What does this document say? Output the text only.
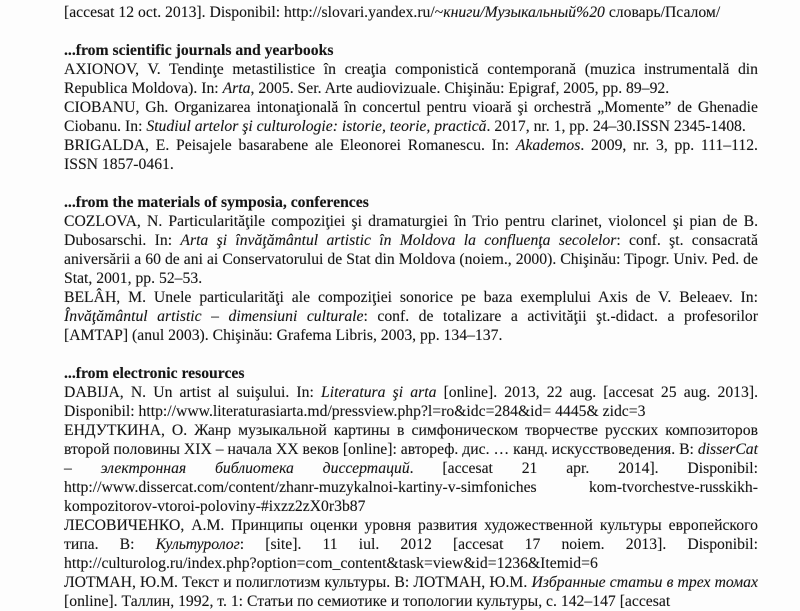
[accesat 12 oct. 2013]. Disponibil: http://slovari.yandex.ru/~книги/Музыкальный%20 словарь/Псалом/

...from scientific journals and yearbooks

AXIONOV, V. Tendinţe metastilistice în creaţia componistică contemporană (muzica instrumentală din Republica Moldova). In: Arta, 2005. Ser. Arte audiovizuale. Chişinău: Epigraf, 2005, pp. 89–92.

CIOBANU, Gh. Organizarea intonaţională în concertul pentru vioară şi orchestră „Momente” de Ghenadie Ciobanu. In: Studiul artelor şi culturologie: istorie, teorie, practică. 2017, nr. 1, pp. 24–30.ISSN 2345-1408.

BRIGALDA, E. Peisajele basarabene ale Eleonorei Romanescu. In: Akademos. 2009, nr. 3, pp. 111–112. ISSN 1857-0461.

...from the materials of symposia, conferences

COZLOVA, N. Particularităţile compoziţiei şi dramaturgiei în Trio pentru clarinet, violoncel şi pian de B. Dubosarschi. In: Arta şi învăţământul artistic în Moldova la confluenţa secolelor: conf. şt. consacrată aniversării a 60 de ani ai Conservatorului de Stat din Moldova (noiem., 2000). Chişinău: Tipogr. Univ. Ped. de Stat, 2001, pp. 52–53.

BELÂH, M. Unele particularităţi ale compoziţiei sonorice pe baza exemplului Axis de V. Beleaev. In: Învăţământul artistic – dimensiuni culturale: conf. de totalizare a activităţii şt.-didact. a profesorilor [AMTAP] (anul 2003). Chişinău: Grafema Libris, 2003, pp. 134–137.

...from electronic resources

DABIJA, N. Un artist al suişului. In: Literatura şi arta [online]. 2013, 22 aug. [accesat 25 aug. 2013]. Disponibil: http://www.literaturasiarta.md/pressview.php?l=ro&idc=284&id= 4445& zidc=3

ЕНДУТКИНА, О. Жанр музыкальной картины в симфоническом творчестве русских композиторов второй половины XIX – начала XX веков [online]: автореф. дис. … канд. искусствоведения. В: disserCat – электронная библиотека диссертаций. [accesat 21 apr. 2014]. Disponibil: http://www.dissercat.com/content/zhanr-muzykalnoi-kartiny-v-simfoniches kom-tvorchestve-russkikh-kompozitorov-vtoroi-poloviny-#ixzz2zX0r3b87

ЛЕСОВИЧЕНКО, А.М. Принципы оценки уровня развития художественной культуры европейского типа. В: Культуролог: [site]. 11 iul. 2012 [accesat 17 noiem. 2013]. Disponibil: http://culturolog.ru/index.php?option=com_content&task=view&id=1236&Itemid=6

ЛОТМАН, Ю.М. Текст и полиглотизм культуры. В: ЛОТМАН, Ю.М. Избранные статьи в трех томах [online]. Таллин, 1992, т. 1: Статьи по семиотике и топологии культуры, с. 142–147 [accesat
